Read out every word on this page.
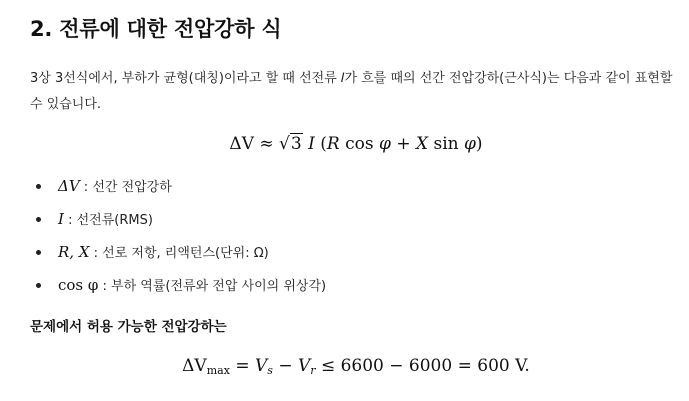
2. 전류에 대한 전압강하 식
3상 3선식에서, 부하가 균형(대칭)이라고 할 때 선전류 𝐼가 흐를 때의 선간 전압강하(근사식)는 다음과 같이 표현할 수 있습니다.
ΔV ≈ √3 I (R cos φ + X sin φ)
ΔV : 선간 전압강하
I : 선전류(RMS)
R, X : 선로 저항, 리액턴스(단위: Ω)
cos φ : 부하 역률(전류와 전압 사이의 위상각)
문제에서 허용 가능한 전압강하는
$\Delta V_{max} = V_s - V_r \le 6600 - 6000 = 600$ V.
